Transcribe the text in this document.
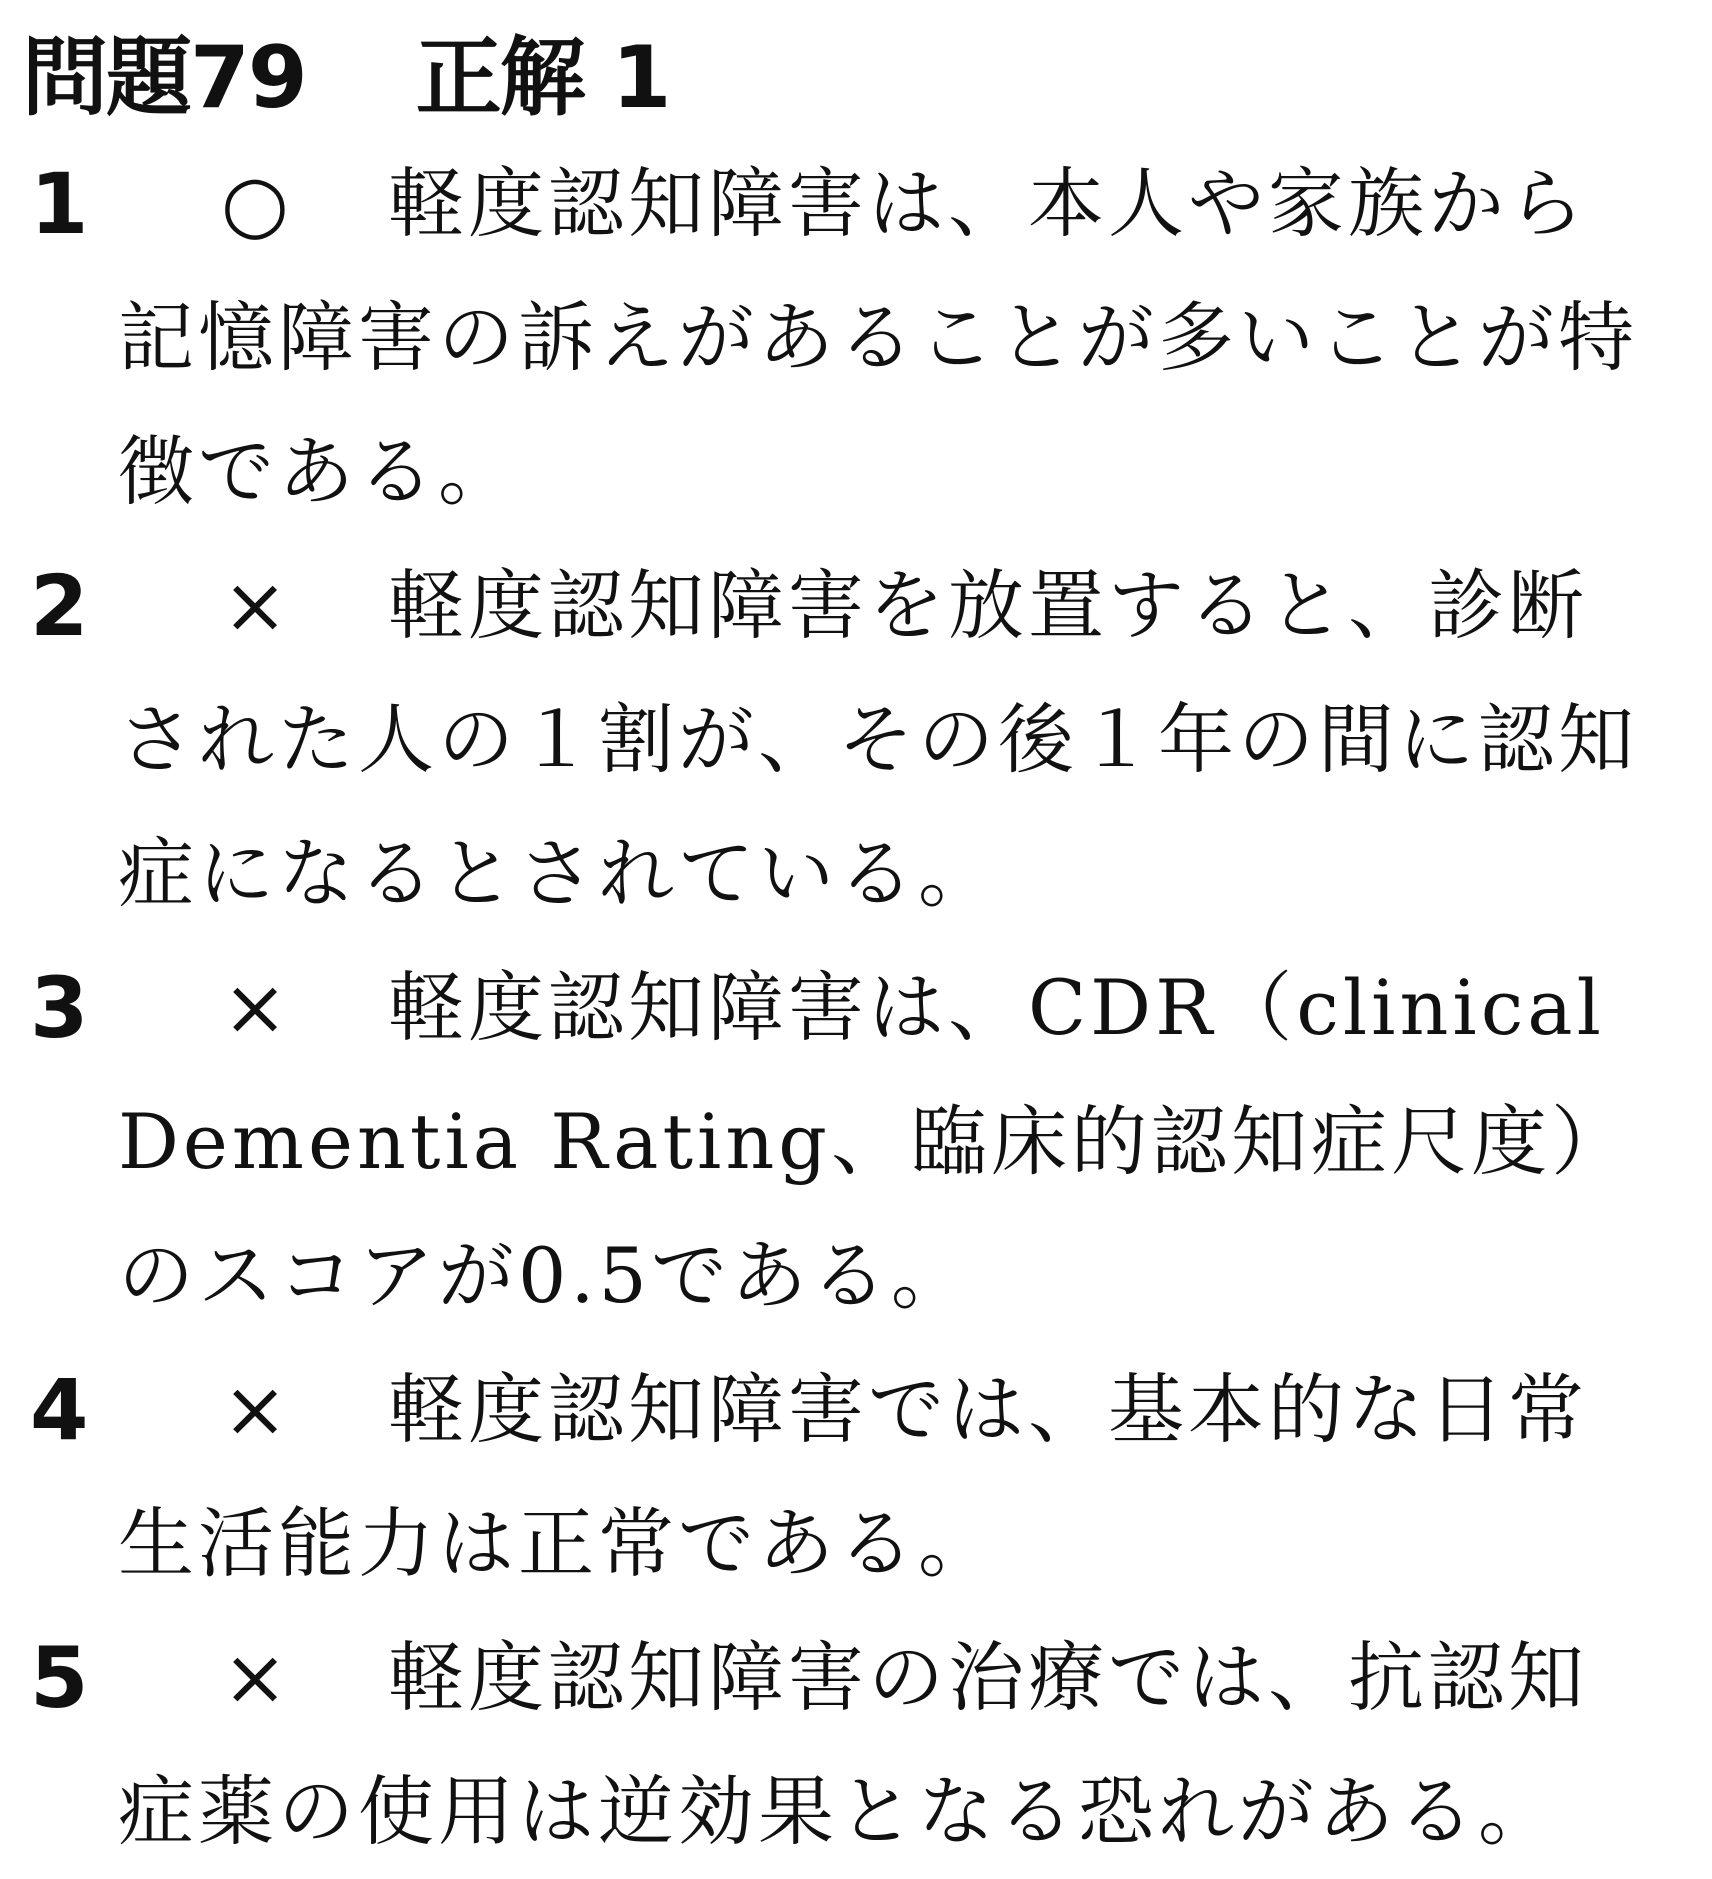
問題79 正解 1
1 ○	軽度認知障害は、本人や家族から記憶障害の訴えがあることが多いことが特徴である。
2 ×	軽度認知障害を放置すると、診断された人の１割が、その後１年の間に認知症になるとされている。
3 ×	軽度認知障害は、CDR（clinical Dementia Rating、臨床的認知症尺度）のスコアが0.5である。
4 ×	軽度認知障害では、基本的な日常生活能力は正常である。
5 ×	軽度認知障害の治療では、抗認知症薬の使用は逆効果となる恐れがある。
